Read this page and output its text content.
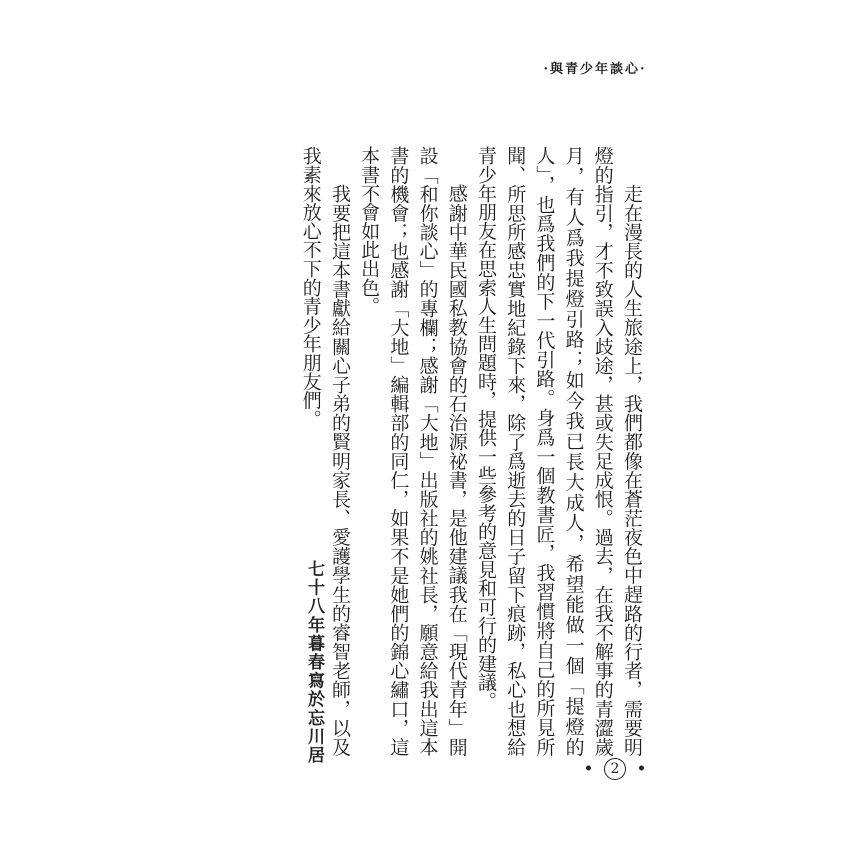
·與青少年談心·

走在漫長的人生旅途上，我們都像在蒼茫夜色中趕路的行者，需要明燈的指引，才不致誤入歧途，甚或失足成恨。過去，在我不解事的青澀歲月，有人爲我提燈引路；如今我已長大成人，希望能做一個「提燈的人」，也爲我們的下一代引路。身爲一個教書匠，我習慣將自己的所見所聞、所思所感忠實地紀錄下來，除了爲逝去的日子留下痕跡，私心也想給青少年朋友在思索人生問題時，提供一些參考的意見和可行的建議。

感謝中華民國私教協會的石治源祕書，是他建議我在「現代青年」開設「和你談心」的專欄；感謝「大地」出版社的姚社長，願意給我出這本書的機會；也感謝「大地」編輯部的同仁，如果不是她們的錦心繡口，這本書不會如此出色。

我要把這本書獻給關心子弟的賢明家長、愛護學生的睿智老師，以及我素來放心不下的青少年朋友們。

七十八年暮春寫於忘川居
•	2	•
